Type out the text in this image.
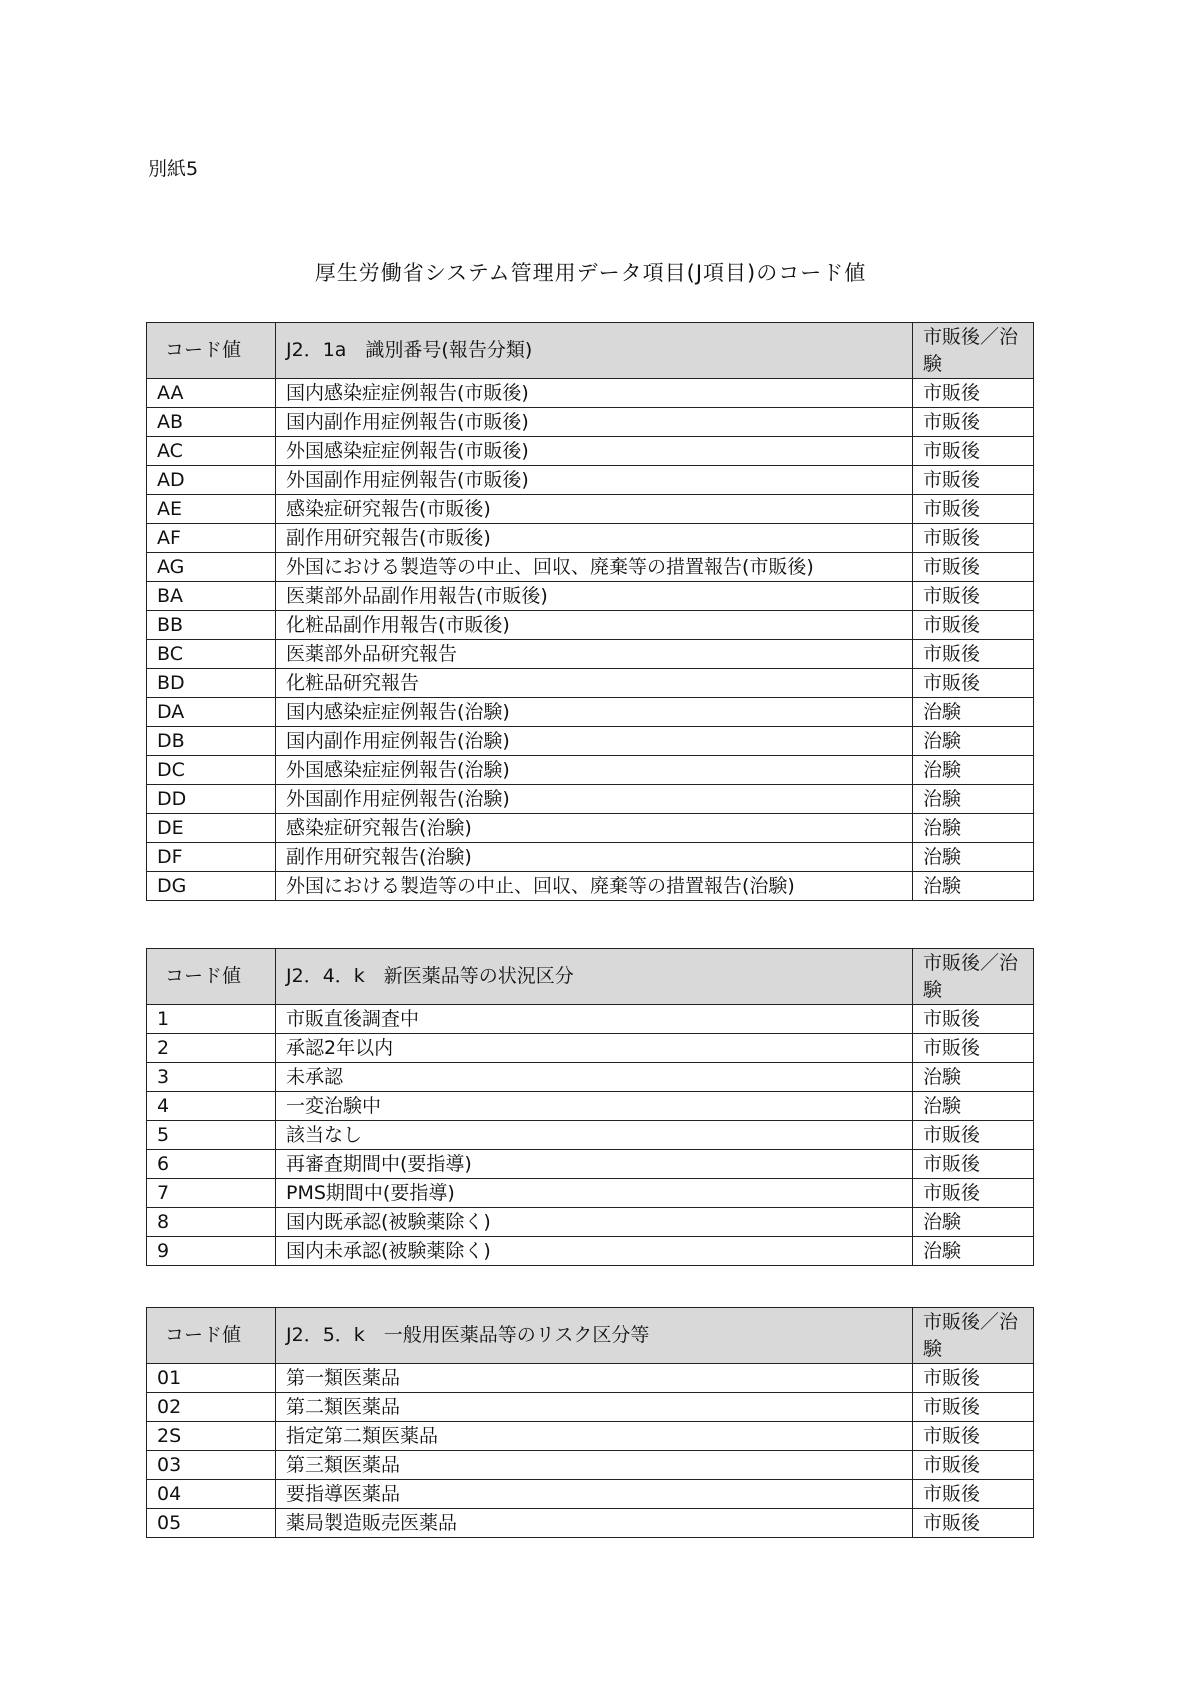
別紙5
厚生労働省システム管理用データ項目(J項目)のコード値
コード値	J2．1a　識別番号(報告分類)	市販後／治験
AA	国内感染症症例報告(市販後)	市販後
AB	国内副作用症例報告(市販後)	市販後
AC	外国感染症症例報告(市販後)	市販後
AD	外国副作用症例報告(市販後)	市販後
AE	感染症研究報告(市販後)	市販後
AF	副作用研究報告(市販後)	市販後
AG	外国における製造等の中止、回収、廃棄等の措置報告(市販後)	市販後
BA	医薬部外品副作用報告(市販後)	市販後
BB	化粧品副作用報告(市販後)	市販後
BC	医薬部外品研究報告	市販後
BD	化粧品研究報告	市販後
DA	国内感染症症例報告(治験)	治験
DB	国内副作用症例報告(治験)	治験
DC	外国感染症症例報告(治験)	治験
DD	外国副作用症例報告(治験)	治験
DE	感染症研究報告(治験)	治験
DF	副作用研究報告(治験)	治験
DG	外国における製造等の中止、回収、廃棄等の措置報告(治験)	治験
コード値	J2．4．k　新医薬品等の状況区分	市販後／治験
1	市販直後調査中	市販後
2	承認2年以内	市販後
3	未承認	治験
4	一変治験中	治験
5	該当なし	市販後
6	再審査期間中(要指導)	市販後
7	PMS期間中(要指導)	市販後
8	国内既承認(被験薬除く)	治験
9	国内未承認(被験薬除く)	治験
コード値	J2．5．k　一般用医薬品等のリスク区分等	市販後／治験
01	第一類医薬品	市販後
02	第二類医薬品	市販後
2S	指定第二類医薬品	市販後
03	第三類医薬品	市販後
04	要指導医薬品	市販後
05	薬局製造販売医薬品	市販後
